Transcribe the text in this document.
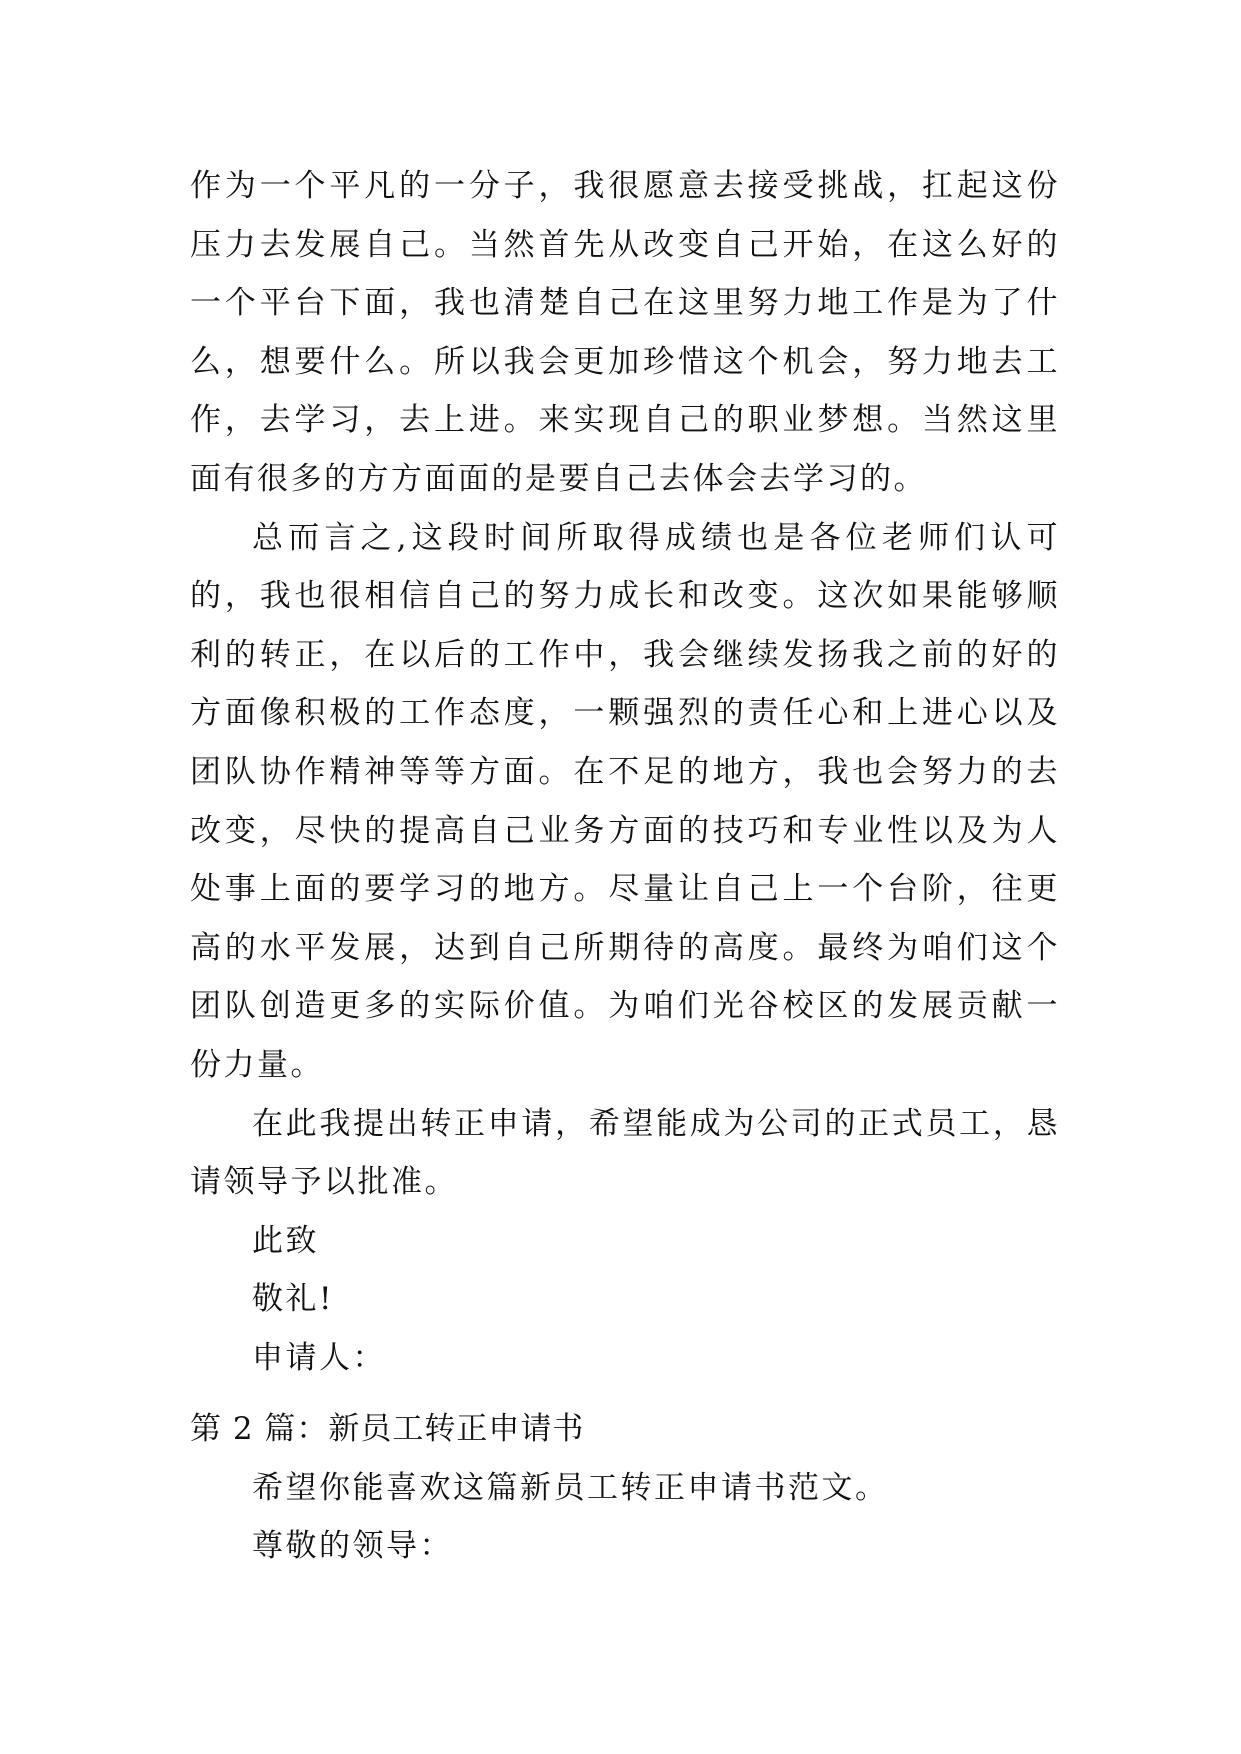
作为一个平凡的一分子，我很愿意去接受挑战，扛起这份压力去发展自己。当然首先从改变自己开始，在这么好的一个平台下面，我也清楚自己在这里努力地工作是为了什么，想要什么。所以我会更加珍惜这个机会，努力地去工作，去学习，去上进。来实现自己的职业梦想。当然这里面有很多的方方面面的是要自己去体会去学习的。

总而言之,这段时间所取得成绩也是各位老师们认可的，我也很相信自己的努力成长和改变。这次如果能够顺利的转正，在以后的工作中，我会继续发扬我之前的好的方面像积极的工作态度，一颗强烈的责任心和上进心以及团队协作精神等等方面。在不足的地方，我也会努力的去改变，尽快的提高自己业务方面的技巧和专业性以及为人处事上面的要学习的地方。尽量让自己上一个台阶，往更高的水平发展，达到自己所期待的高度。最终为咱们这个团队创造更多的实际价值。为咱们光谷校区的发展贡献一份力量。

在此我提出转正申请，希望能成为公司的正式员工，恳请领导予以批准。

此致

敬礼!

申请人：

第 2 篇：新员工转正申请书

希望你能喜欢这篇新员工转正申请书范文。

尊敬的领导：
